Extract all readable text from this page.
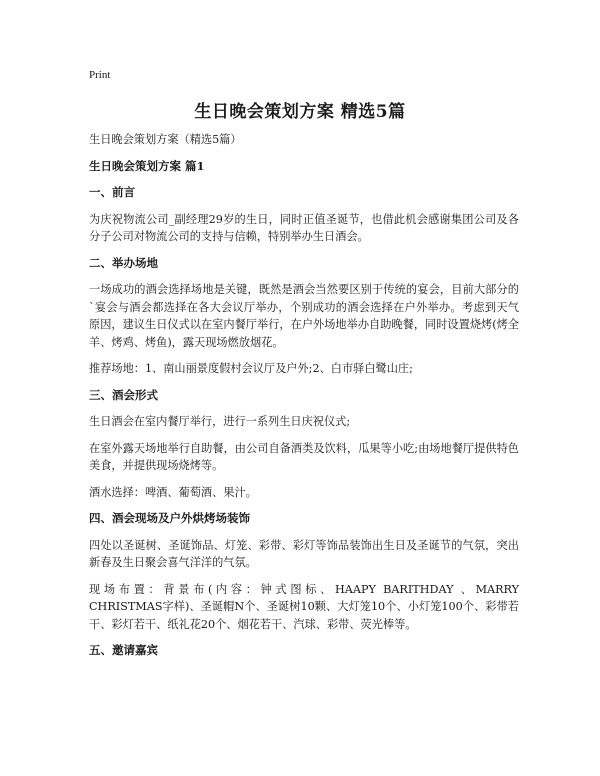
Print
生日晚会策划方案 精选5篇

生日晚会策划方案（精选5篇）

生日晚会策划方案 篇1

一、前言

为庆祝物流公司_副经理29岁的生日，同时正值圣诞节，也借此机会感谢集团公司及各分子公司对物流公司的支持与信赖，特别举办生日酒会。

二、举办场地

一场成功的酒会选择场地是关键，既然是酒会当然要区别于传统的宴会，目前大部分的`宴会与酒会都选择在各大会议厅举办，个别成功的酒会选择在户外举办。考虑到天气原因，建议生日仪式以在室内餐厅举行，在户外场地举办自助晚餐，同时设置烧烤(烤全羊、烤鸡、烤鱼)，露天现场燃放烟花。

推荐场地：1、南山丽景度假村会议厅及户外;2、白市驿白鹭山庄;

三、酒会形式

生日酒会在室内餐厅举行，进行一系列生日庆祝仪式;

在室外露天场地举行自助餐，由公司自备酒类及饮料，瓜果等小吃;由场地餐厅提供特色美食，并提供现场烧烤等。

酒水选择：啤酒、葡萄酒、果汁。

四、酒会现场及户外烘烤场装饰

四处以圣诞树、圣诞饰品、灯笼、彩带、彩灯等饰品装饰出生日及圣诞节的气氛，突出新春及生日聚会喜气洋洋的气氛。

现场布置：背景布(内容：钟式图标、HAAPY BARITHDAY 、MARRY CHRISTMAS字样)、圣诞帽N个、圣诞树10颗、大灯笼10个、小灯笼100个、彩带若干、彩灯若干、纸礼花20个、烟花若干、汽球、彩带、荧光棒等。

五、邀请嘉宾
